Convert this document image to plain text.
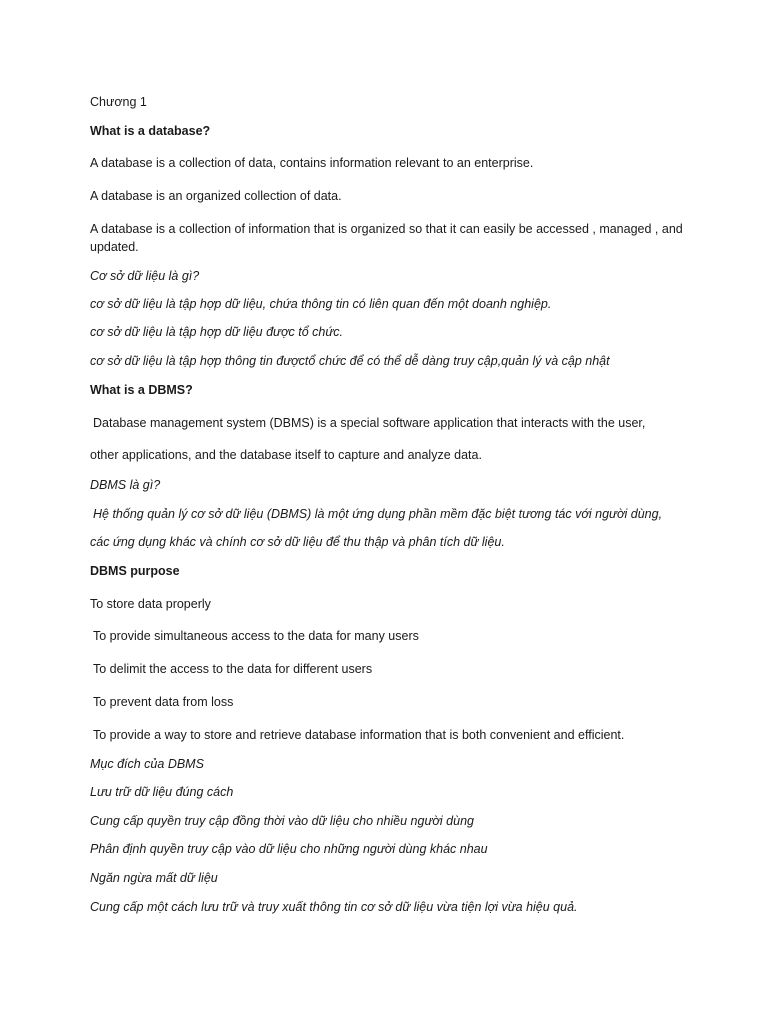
Chương 1
What is a database?
A database is a collection of data, contains information relevant to an enterprise.
A database is an organized collection of data.
A database is a collection of information that is organized so that it can easily be accessed , managed , and updated.
Cơ sở dữ liệu là gì?
cơ sở dữ liệu là tập hợp dữ liệu, chứa thông tin có liên quan đến một doanh nghiệp.
cơ sở dữ liệu là tập hợp dữ liệu được tổ chức.
cơ sở dữ liệu là tập hợp thông tin đượctổ chức để có thể dễ dàng truy cập,quản lý và cập nhật
What is a DBMS?
Database management system (DBMS) is a special software application that interacts with the user,
other applications, and the database itself to capture and analyze data.
DBMS là gì?
Hệ thống quản lý cơ sở dữ liệu (DBMS) là một ứng dụng phần mềm đặc biệt tương tác với người dùng,
các ứng dụng khác và chính cơ sở dữ liệu để thu thập và phân tích dữ liệu.
DBMS purpose
To store data properly
To provide simultaneous access to the data for many users
To delimit the access to the data for different users
To prevent data from loss
To provide a way to store and retrieve database information that is both convenient and efficient.
Mục đích của DBMS
Lưu trữ dữ liệu đúng cách
Cung cấp quyền truy cập đồng thời vào dữ liệu cho nhiều người dùng
Phân định quyền truy cập vào dữ liệu cho những người dùng khác nhau
Ngăn ngừa mất dữ liệu
Cung cấp một cách lưu trữ và truy xuất thông tin cơ sở dữ liệu vừa tiện lợi vừa hiệu quả.
